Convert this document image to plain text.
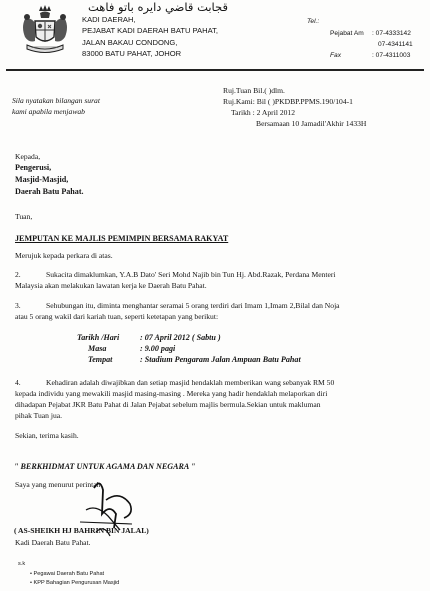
قجابت قاضي دايره باتو فاهت
KADI DAERAH,
PEJABAT KADI DAERAH BATU PAHAT,
JALAN BAKAU CONDONG,
83000 BATU PAHAT, JOHOR
Tel.:
Pejabat Am : 07-4333142
07-4341141
Fax	: 07-4311003
Sila nyatakan bilangan surat
kami apabila menjawab
Ruj.Tuan Bil.( )dlm.
Ruj.Kami: Bil ( )PKDBP.PPMS.190/104-1
Tarikh : 2 April 2012
Bersamaan 10 Jamadil'Akhir 1433H
Kepada,
Pengerusi,
Masjid-Masjid,
Daerah Batu Pahat.
Tuan,
JEMPUTAN KE MAJLIS PEMIMPIN BERSAMA RAKYAT
Merujuk kepada perkara di atas.
2.	Sukacita dimaklumkan, Y.A.B Dato' Seri Mohd Najib bin Tun Hj. Abd.Razak, Perdana Menteri
Malaysia akan melakukan lawatan kerja ke Daerah Batu Pahat.
3.	Sehubungan itu, diminta menghantar seramai 5 orang terdiri dari Imam 1,Imam 2,Bilal dan Noja
atau 5 orang wakil dari kariah tuan, seperti ketetapan yang berikut:
Tarikh /Hari	: 07 April 2012 ( Sabtu )
Masa	: 9.00 pagi
Tempat	: Stadium Pengaram Jalan Ampuan Batu Pahat
4.	Kehadiran adalah diwajibkan dan setiap masjid hendaklah memberikan wang sebanyak RM 50
kepada individu yang mewakili masjid masing-masing . Mereka yang hadir hendaklah melaporkan diri
dihadapan Pejabat JKR Batu Pahat di Jalan Pejabat sebelum majlis bermula.Sekian untuk makluman
pihak Tuan jua.
Sekian, terima kasih.
" BERKHIDMAT UNTUK AGAMA DAN NEGARA "
Saya yang menurut perintah
( AS-SHEIKH HJ BAHRIN BIN JALAL)
Kadi Daerah Batu Pahat.
s.k
• Pegawai Daerah Batu Pahat
• KPP Bahagian Pengurusan Masjid
